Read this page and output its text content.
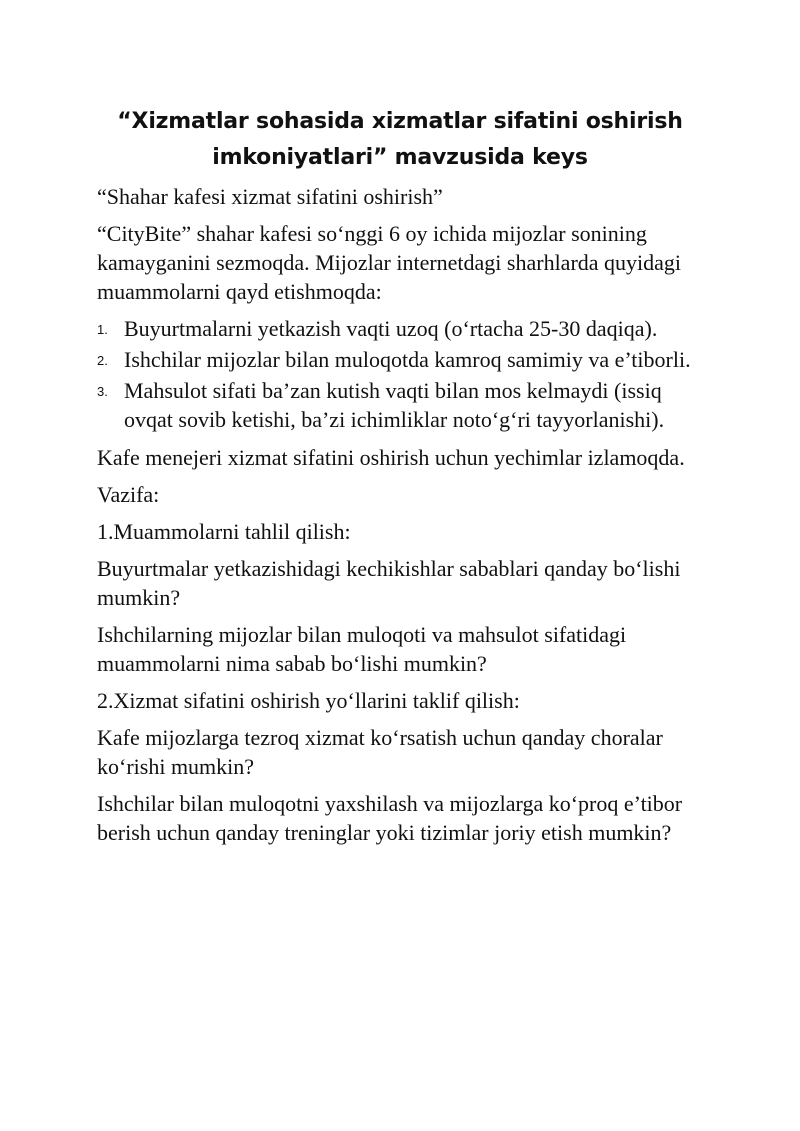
“Xizmatlar sohasida xizmatlar sifatini oshirish imkoniyatlari” mavzusida keys

“Shahar kafesi xizmat sifatini oshirish”

“CityBite” shahar kafesi so‘nggi 6 oy ichida mijozlar sonining kamayganini sezmoqda. Mijozlar internetdagi sharhlarda quyidagi muammolarni qayd etishmoqda:

1. Buyurtmalarni yetkazish vaqti uzoq (o‘rtacha 25-30 daqiqa).
2. Ishchilar mijozlar bilan muloqotda kamroq samimiy va e’tiborli.
3. Mahsulot sifati ba’zan kutish vaqti bilan mos kelmaydi (issiq ovqat sovib ketishi, ba’zi ichimliklar noto‘g‘ri tayyorlanishi).

Kafe menejeri xizmat sifatini oshirish uchun yechimlar izlamoqda.

Vazifa:

1.Muammolarni tahlil qilish:

Buyurtmalar yetkazishidagi kechikishlar sabablari qanday bo‘lishi mumkin?

Ishchilarning mijozlar bilan muloqoti va mahsulot sifatidagi muammolarni nima sabab bo‘lishi mumkin?

2.Xizmat sifatini oshirish yo‘llarini taklif qilish:

Kafe mijozlarga tezroq xizmat ko‘rsatish uchun qanday choralar ko‘rishi mumkin?

Ishchilar bilan muloqotni yaxshilash va mijozlarga ko‘proq e’tibor berish uchun qanday treninglar yoki tizimlar joriy etish mumkin?
